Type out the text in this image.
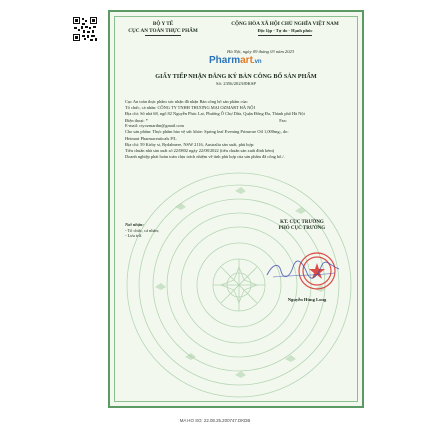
BỘ Y TẾ
CỤC AN TOÀN THỰC PHẨM
CỘNG HÒA XÃ HỘI CHỦ NGHĨA VIỆT NAM
Độc lập - Tự do - Hạnh phúc
Hà Nội, ngày 09 tháng 03 năm 2023
Pharmart.vn
GIẤY TIẾP NHẬN ĐĂNG KÝ BẢN CÔNG BỐ SẢN PHẨM
Số: 2356/2023/ĐKSP

Cục An toàn thực phẩm xác nhận đã nhận Bản công bố sản phẩm của:

Tổ chức, cá nhân: CÔNG TY TNHH THƯƠNG MẠI OZMART HÀ NỘI

Địa chỉ: Số nhà 68, ngõ 82 Nguyễn Phúc Lai, Phường Ô Chợ Dừa, Quận Đống Đa, Thành phố Hà Nội

Điện thoại: *	Fax:

E-mail: ctyozmarthn@gmail.com

Cho sản phẩm: Thực phẩm bảo vệ sức khỏe: Spring leaf Evening Primrose Oil 1,000mg;, do:

Heimart Pharmaceuticals P/L

Địa chỉ: 59 Kirby st, Rydalmere, NSW 2116, Australia sản xuất, phù hợp:

Tiêu chuẩn nhà sản xuất số 22/0802 ngày 22/08/2022 (tiêu chuẩn sản xuất đính kèm)

Doanh nghiệp phải hoàn toàn chịu trách nhiệm về tính phù hợp của sản phẩm đã công bố./.

Nơi nhận:
- Tổ chức, cá nhân;
- Lưu trữ.
KT. CỤC TRƯỞNG
PHÓ CỤC TRƯỞNG
Nguyễn Hùng Long
MA HO SO: 22.08.25.200747.DKDB
